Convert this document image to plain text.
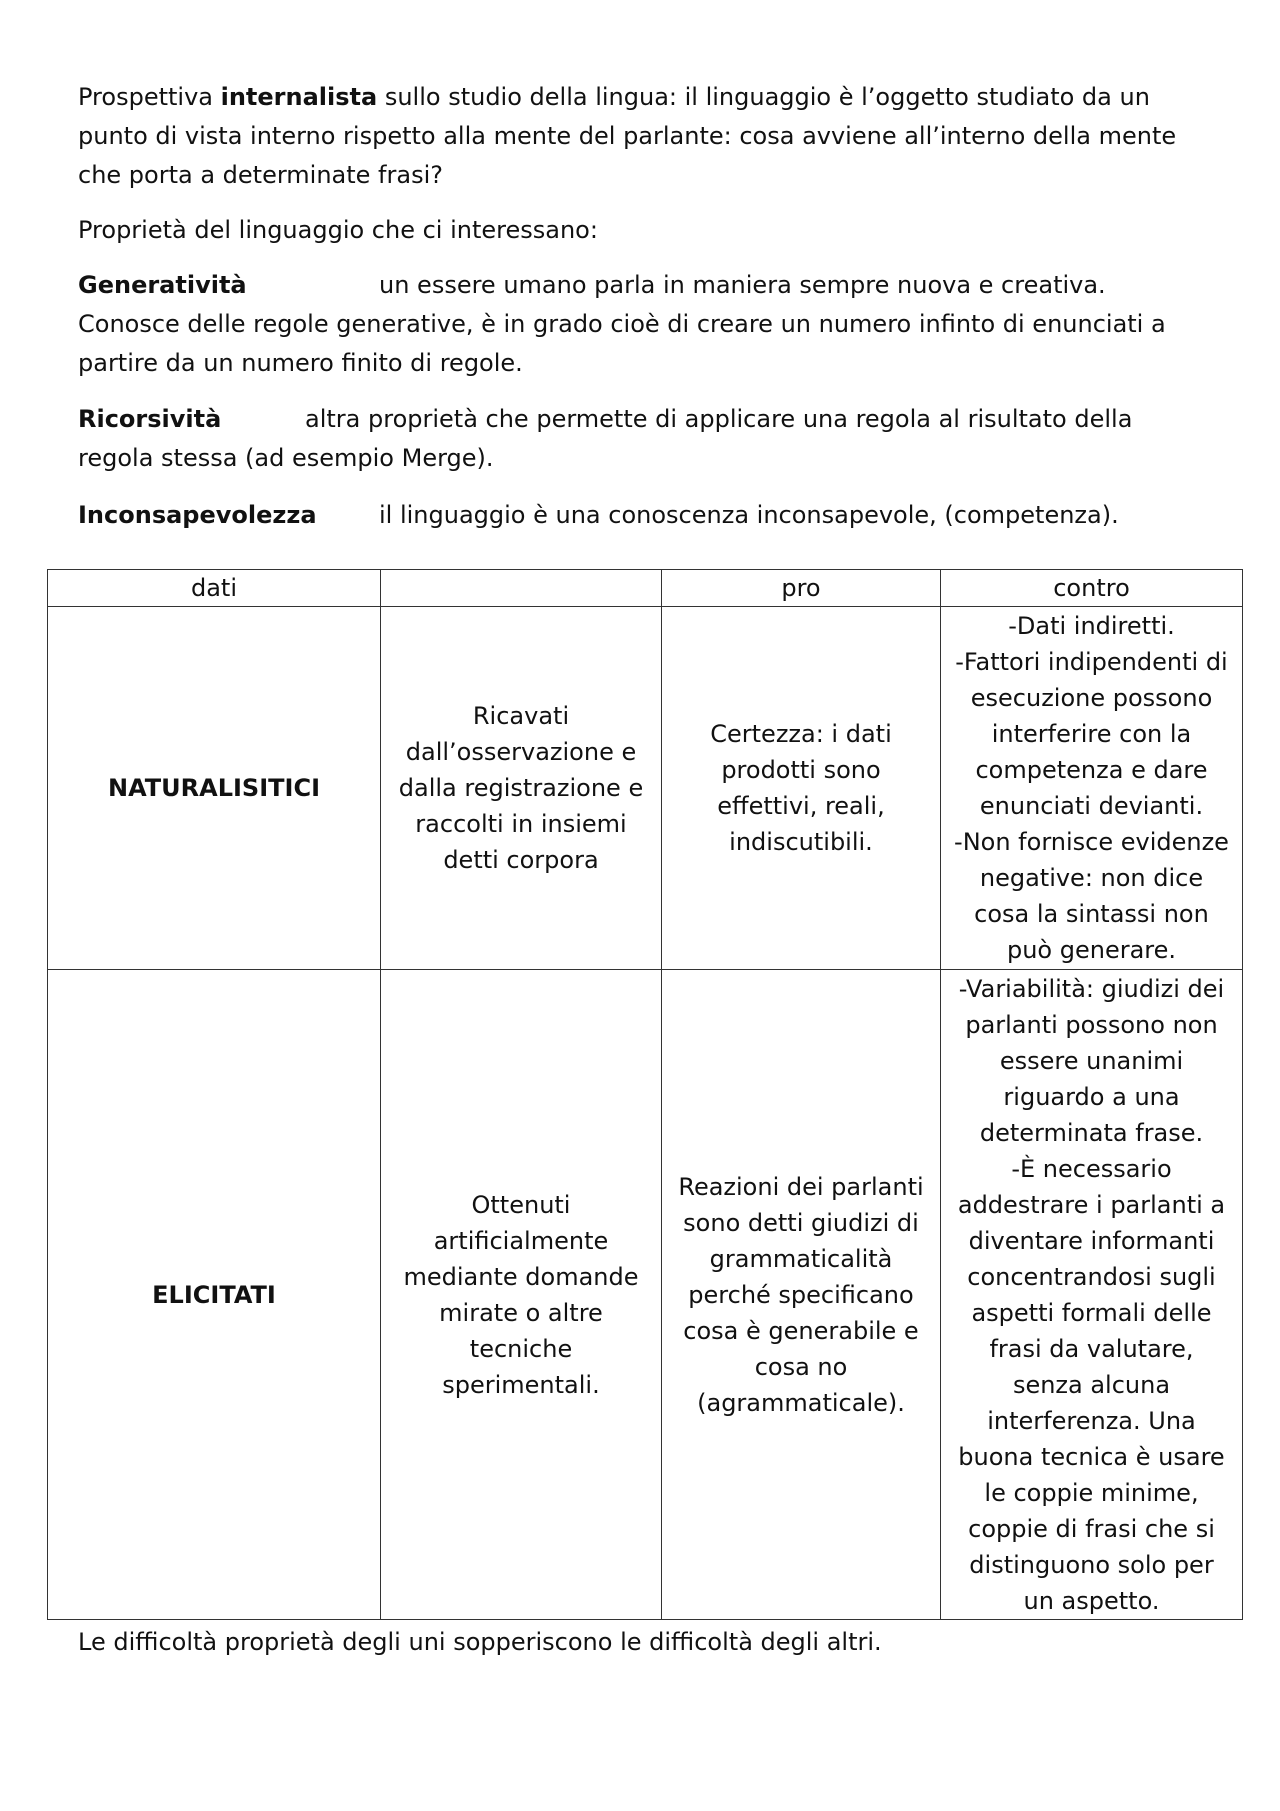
Prospettiva internalista sullo studio della lingua: il linguaggio è l’oggetto studiato da un punto di vista interno rispetto alla mente del parlante: cosa avviene all’interno della mente che porta a determinate frasi?

Proprietà del linguaggio che ci interessano:

Generatività	un essere umano parla in maniera sempre nuova e creativa. Conosce delle regole generative, è in grado cioè di creare un numero infinto di enunciati a partire da un numero finito di regole.
Ricorsività	altra proprietà che permette di applicare una regola al risultato della regola stessa (ad esempio Merge).
Inconsapevolezza	il linguaggio è una conoscenza inconsapevole, (competenza).
dati		pro	contro
NATURALISITICI	Ricavati dall’osservazione e dalla registrazione e raccolti in insiemi detti corpora	Certezza: i dati prodotti sono effettivi, reali, indiscutibili.	-Dati indiretti.
-Fattori indipendenti di esecuzione possono interferire con la competenza e dare enunciati devianti.
-Non fornisce evidenze negative: non dice cosa la sintassi non può generare.
ELICITATI	Ottenuti artificialmente mediante domande mirate o altre tecniche sperimentali.	Reazioni dei parlanti sono detti giudizi di grammaticalità perché specificano cosa è generabile e cosa no (agrammaticale).	-Variabilità: giudizi dei parlanti possono non essere unanimi riguardo a una determinata frase.
-È necessario addestrare i parlanti a diventare informanti concentrandosi sugli aspetti formali delle frasi da valutare, senza alcuna interferenza. Una buona tecnica è usare le coppie minime, coppie di frasi che si distinguono solo per un aspetto.
Le difficoltà proprietà degli uni sopperiscono le difficoltà degli altri.
